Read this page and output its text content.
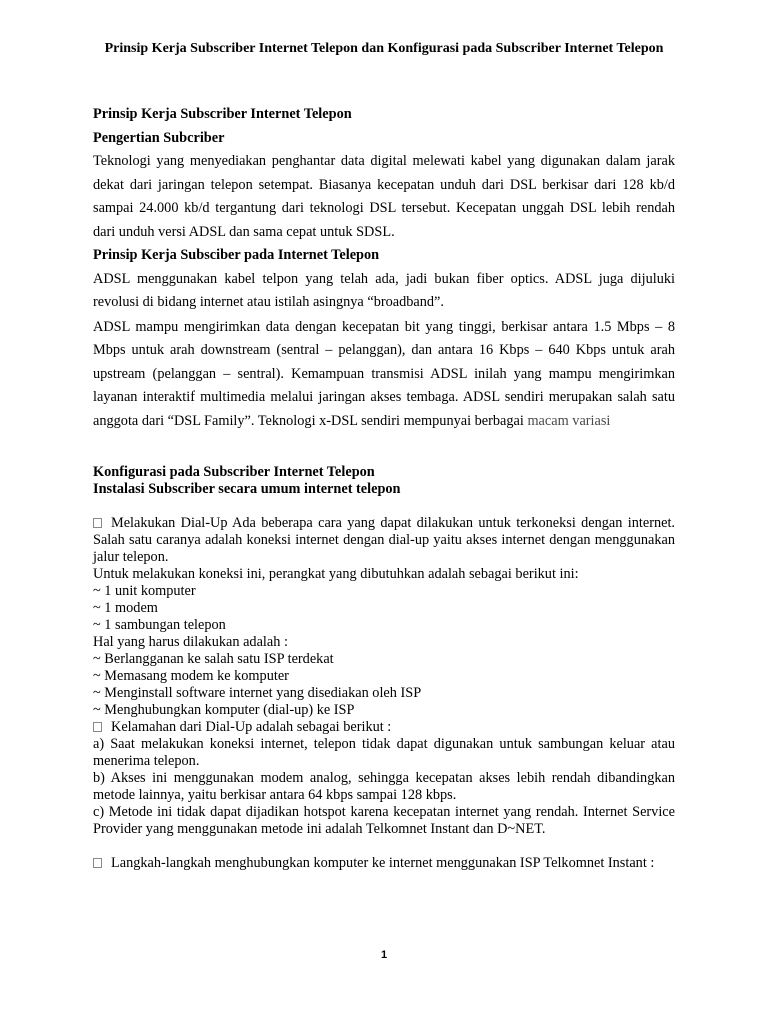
Prinsip Kerja Subscriber Internet Telepon dan Konfigurasi pada Subscriber Internet Telepon

Prinsip Kerja Subscriber Internet Telepon

Pengertian Subcriber

Teknologi yang menyediakan penghantar data digital melewati kabel yang digunakan dalam jarak dekat dari jaringan telepon setempat. Biasanya kecepatan unduh dari DSL berkisar dari 128 kb/d sampai 24.000 kb/d tergantung dari teknologi DSL tersebut. Kecepatan unggah DSL lebih rendah dari unduh versi ADSL dan sama cepat untuk SDSL.

Prinsip Kerja Subsciber pada Internet Telepon

ADSL menggunakan kabel telpon yang telah ada, jadi bukan fiber optics. ADSL juga dijuluki revolusi di bidang internet atau istilah asingnya “broadband”.

ADSL mampu mengirimkan data dengan kecepatan bit yang tinggi, berkisar antara 1.5 Mbps – 8 Mbps untuk arah downstream (sentral – pelanggan), dan antara 16 Kbps – 640 Kbps untuk arah upstream (pelanggan – sentral). Kemampuan transmisi ADSL inilah yang mampu mengirimkan layanan interaktif multimedia melalui jaringan akses tembaga. ADSL sendiri merupakan salah satu anggota dari “DSL Family”. Teknologi x-DSL sendiri mempunyai berbagai macam variasi

Konfigurasi pada Subscriber Internet Telepon

Instalasi Subscriber secara umum internet telepon

Melakukan Dial-Up Ada beberapa cara yang dapat dilakukan untuk terkoneksi dengan internet. Salah satu caranya adalah koneksi internet dengan dial-up yaitu akses internet dengan menggunakan jalur telepon.

Untuk melakukan koneksi ini, perangkat yang dibutuhkan adalah sebagai berikut ini:

~ 1 unit komputer

~ 1 modem

~ 1 sambungan telepon

Hal yang harus dilakukan adalah :

~ Berlangganan ke salah satu ISP terdekat

~ Memasang modem ke komputer

~ Menginstall software internet yang disediakan oleh ISP

~ Menghubungkan komputer (dial-up) ke ISP

Kelamahan dari Dial-Up adalah sebagai berikut :

a) Saat melakukan koneksi internet, telepon tidak dapat digunakan untuk sambungan keluar atau menerima telepon.

b) Akses ini menggunakan modem analog, sehingga kecepatan akses lebih rendah dibandingkan metode lainnya, yaitu berkisar antara 64 kbps sampai 128 kbps.

c) Metode ini tidak dapat dijadikan hotspot karena kecepatan internet yang rendah. Internet Service Provider yang menggunakan metode ini adalah Telkomnet Instant dan D~NET.

Langkah-langkah menghubungkan komputer ke internet menggunakan ISP Telkomnet Instant :

1
